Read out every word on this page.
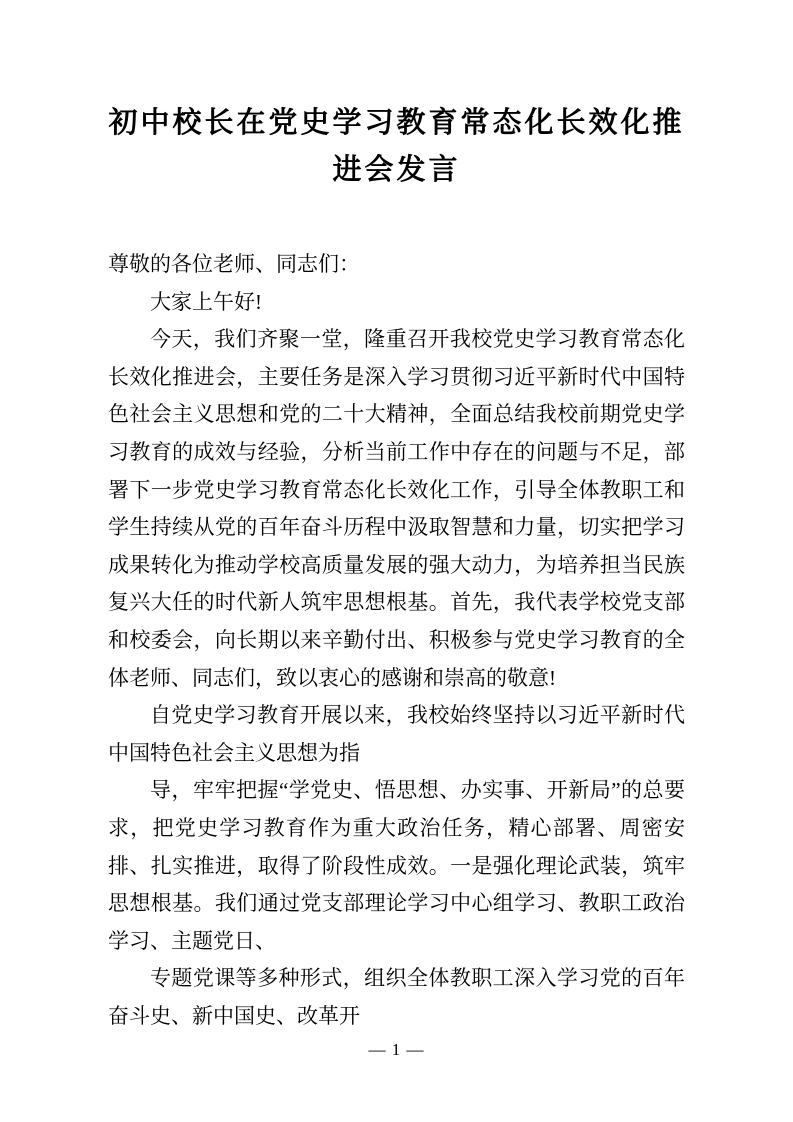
初中校长在党史学习教育常态化长效化推进会发言

尊敬的各位老师、同志们：

大家上午好!

今天，我们齐聚一堂，隆重召开我校党史学习教育常态化长效化推进会，主要任务是深入学习贯彻习近平新时代中国特色社会主义思想和党的二十大精神，全面总结我校前期党史学习教育的成效与经验，分析当前工作中存在的问题与不足，部署下一步党史学习教育常态化长效化工作，引导全体教职工和学生持续从党的百年奋斗历程中汲取智慧和力量，切实把学习成果转化为推动学校高质量发展的强大动力，为培养担当民族复兴大任的时代新人筑牢思想根基。首先，我代表学校党支部和校委会，向长期以来辛勤付出、积极参与党史学习教育的全体老师、同志们，致以衷心的感谢和崇高的敬意!

自党史学习教育开展以来，我校始终坚持以习近平新时代中国特色社会主义思想为指

导，牢牢把握“学党史、悟思想、办实事、开新局”的总要求，把党史学习教育作为重大政治任务，精心部署、周密安排、扎实推进，取得了阶段性成效。一是强化理论武装，筑牢思想根基。我们通过党支部理论学习中心组学习、教职工政治学习、主题党日、

专题党课等多种形式，组织全体教职工深入学习党的百年奋斗史、新中国史、改革开

— 1 —
